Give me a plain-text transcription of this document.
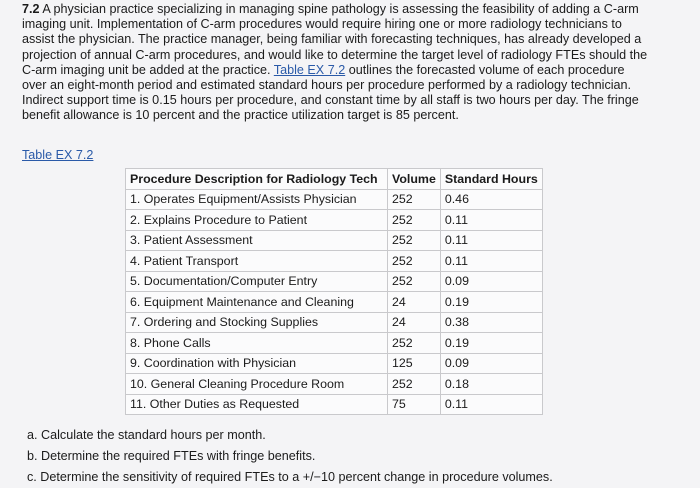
7.2 A physician practice specializing in managing spine pathology is assessing the feasibility of adding a C-arm imaging unit. Implementation of C-arm procedures would require hiring one or more radiology technicians to assist the physician. The practice manager, being familiar with forecasting techniques, has already developed a projection of annual C-arm procedures, and would like to determine the target level of radiology FTEs should the C-arm imaging unit be added at the practice. Table EX 7.2 outlines the forecasted volume of each procedure over an eight-month period and estimated standard hours per procedure performed by a radiology technician. Indirect support time is 0.15 hours per procedure, and constant time by all staff is two hours per day. The fringe benefit allowance is 10 percent and the practice utilization target is 85 percent.
Table EX 7.2
Procedure Description for Radiology Tech	Volume	Standard Hours
1. Operates Equipment/Assists Physician	252	0.46
2. Explains Procedure to Patient	252	0.11
3. Patient Assessment	252	0.11
4. Patient Transport	252	0.11
5. Documentation/Computer Entry	252	0.09
6. Equipment Maintenance and Cleaning	24	0.19
7. Ordering and Stocking Supplies	24	0.38
8. Phone Calls	252	0.19
9. Coordination with Physician	125	0.09
10. General Cleaning Procedure Room	252	0.18
11. Other Duties as Requested	75	0.11
a. Calculate the standard hours per month.
b. Determine the required FTEs with fringe benefits.
c. Determine the sensitivity of required FTEs to a +/−10 percent change in procedure volumes.
